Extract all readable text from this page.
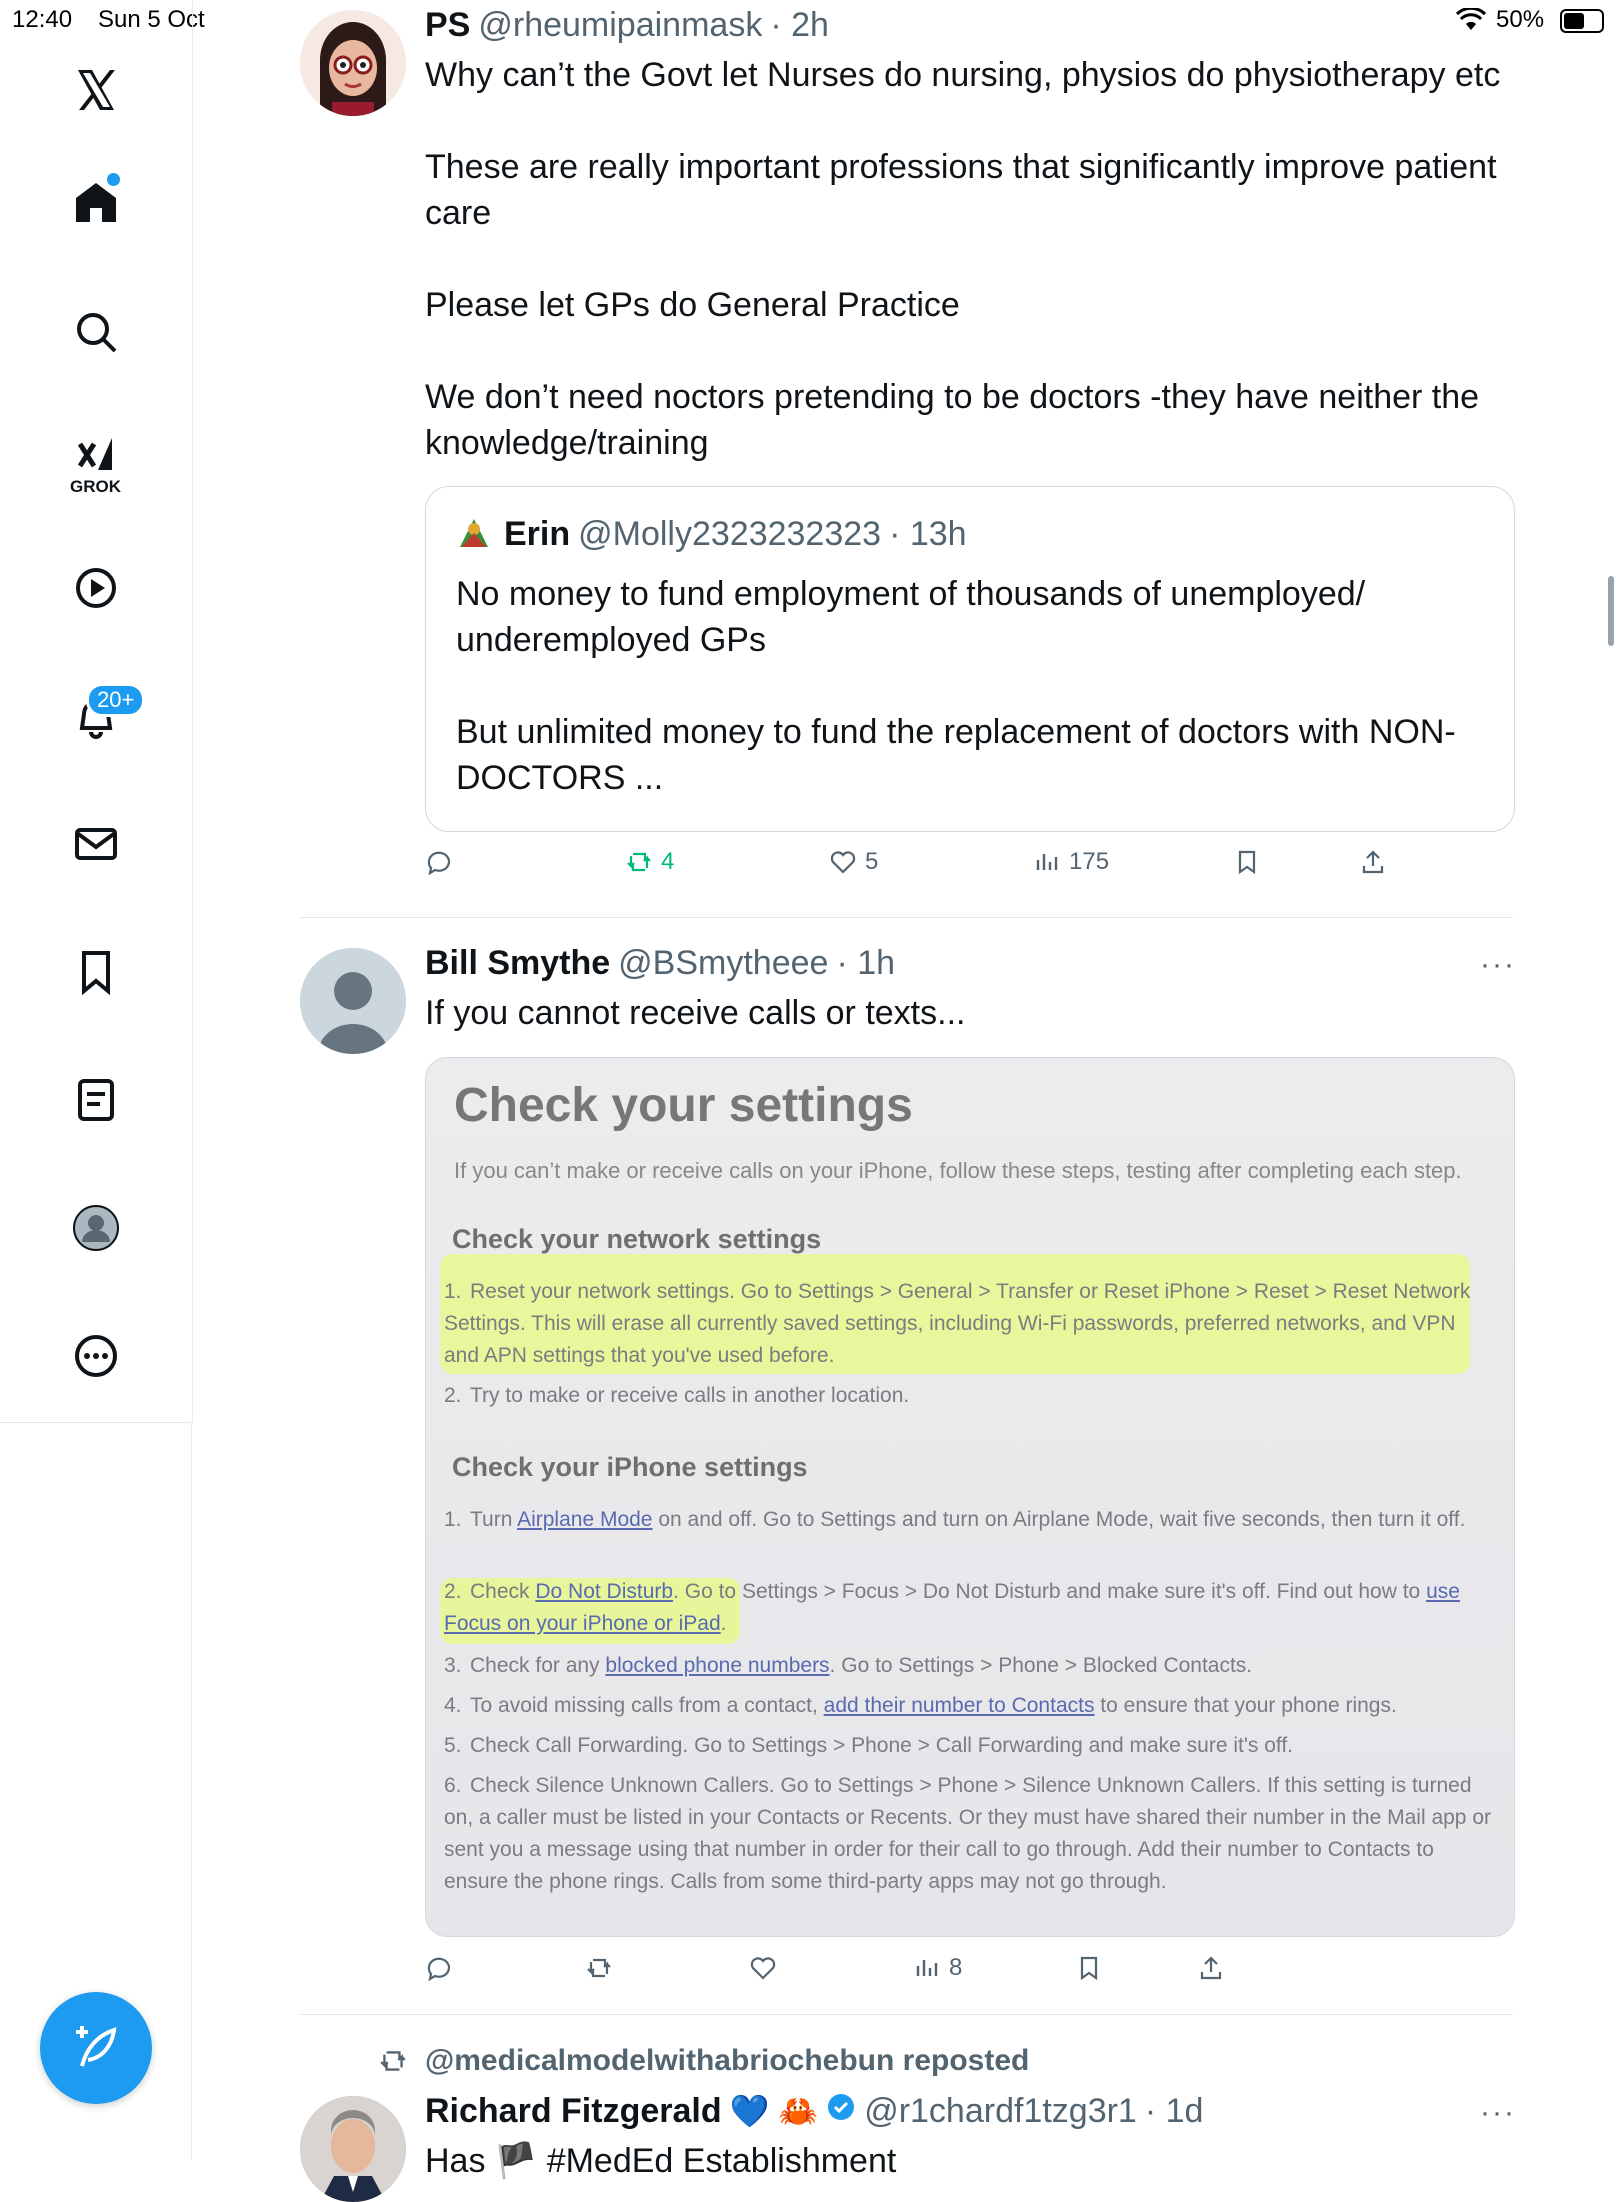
12:40 Sun 5 Oct	50%
GROK
20+
PS @rheumipainmask · 2h
Why can’t the Govt let Nurses do nursing, physios do physiotherapy etc

These are really important professions that significantly improve patient care

Please let GPs do General Practice

We don’t need noctors pretending to be doctors -they have neither the knowledge/training
Erin @Molly2323232323 · 13h
No money to fund employment of thousands of unemployed/ underemployed GPs

But unlimited money to fund the replacement of doctors with NON-DOCTORS ...
4	5	175
Bill Smythe @BSmytheee · 1h	···
If you cannot receive calls or texts...
Check your settings
If you can’t make or receive calls on your iPhone, follow these steps, testing after completing each step.
Check your network settings
1. Reset your network settings. Go to Settings > General > Transfer or Reset iPhone > Reset > Reset Network Settings. This will erase all currently saved settings, including Wi-Fi passwords, preferred networks, and VPN and APN settings that you've used before.
2. Try to make or receive calls in another location.
Check your iPhone settings
1. Turn Airplane Mode on and off. Go to Settings and turn on Airplane Mode, wait five seconds, then turn it off.
2. Check Do Not Disturb. Go to Settings > Focus > Do Not Disturb and make sure it's off. Find out how to use Focus on your iPhone or iPad.
3. Check for any blocked phone numbers. Go to Settings > Phone > Blocked Contacts.
4. To avoid missing calls from a contact, add their number to Contacts to ensure that your phone rings.
5. Check Call Forwarding. Go to Settings > Phone > Call Forwarding and make sure it's off.
6. Check Silence Unknown Callers. Go to Settings > Phone > Silence Unknown Callers. If this setting is turned on, a caller must be listed in your Contacts or Recents. Or they must have shared their number in the Mail app or sent you a message using that number in order for their call to go through. Add their number to Contacts to ensure the phone rings. Calls from some third-party apps may not go through.
8
@medicalmodelwithabriochebun reposted
Richard Fitzgerald 💙 🦀 @r1chardf1tzg3r1 · 1d	···
Has 🏴 #MedEd Establishment
